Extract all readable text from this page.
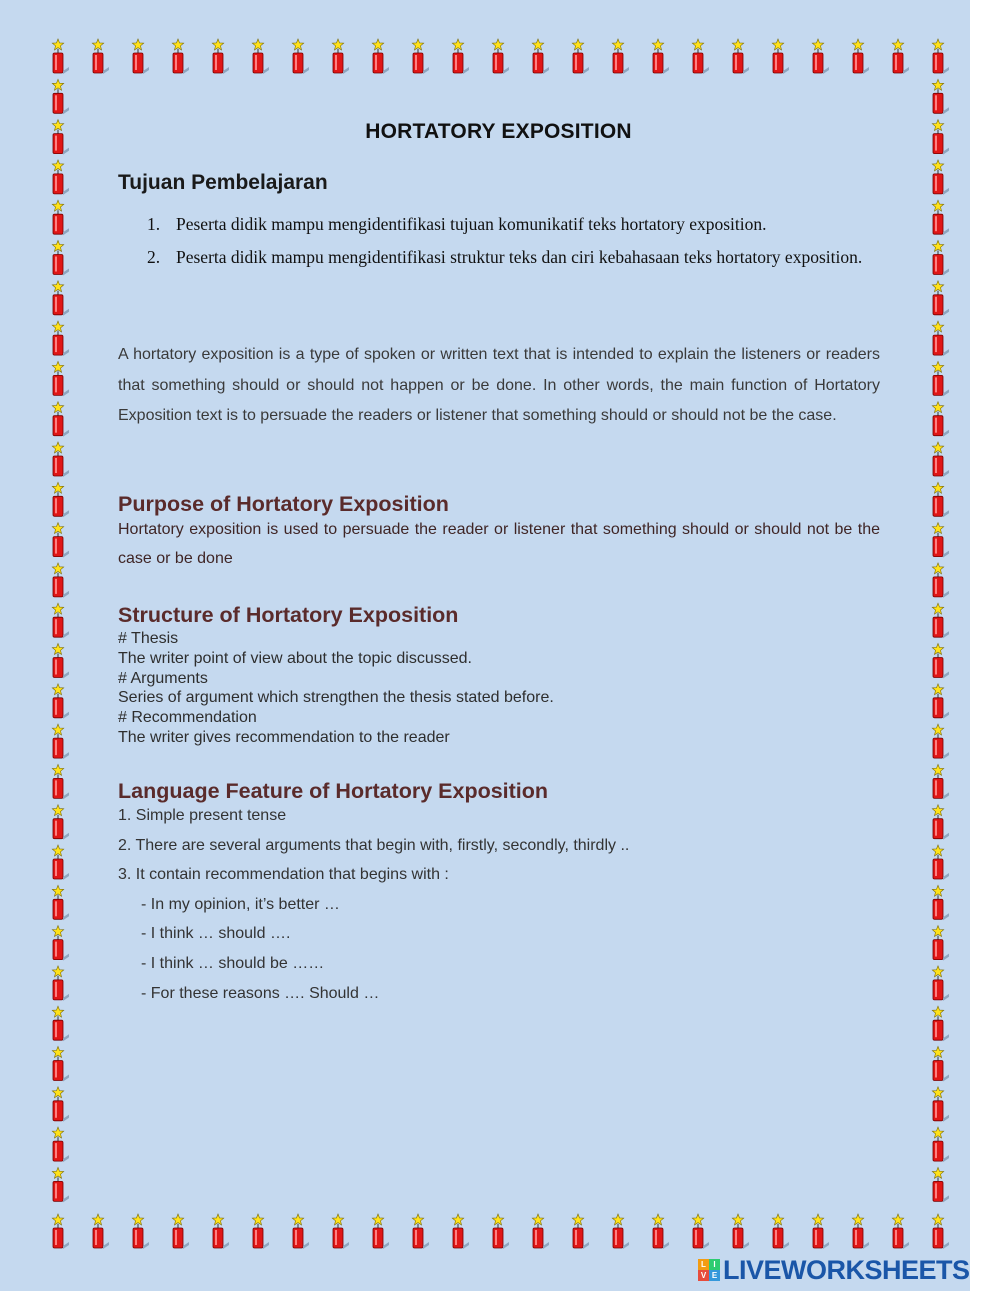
HORTATORY EXPOSITION
Tujuan Pembelajaran
1. Peserta didik mampu mengidentifikasi tujuan komunikatif teks hortatory exposition.
2. Peserta didik mampu mengidentifikasi struktur teks dan ciri kebahasaan teks hortatory exposition.

A hortatory exposition is a type of spoken or written text that is intended to explain the listeners or readers that something should or should not happen or be done. In other words, the main function of Hortatory Exposition text is to persuade the readers or listener that something should or should not be the case.

Purpose of Hortatory Exposition
Hortatory exposition is used to persuade the reader or listener that something should or should not be the case or be done
Structure of Hortatory Exposition
# Thesis
The writer point of view about the topic discussed.
# Arguments
Series of argument which strengthen the thesis stated before.
# Recommendation
The writer gives recommendation to the reader
Language Feature of Hortatory Exposition
1. Simple present tense
2. There are several arguments that begin with, firstly, secondly, thirdly ..
3. It contain recommendation that begins with :
- In my opinion, it’s better …
- I think … should ….
- I think … should be ……
- For these reasons …. Should …
L I
V E LIVEWORKSHEETS
